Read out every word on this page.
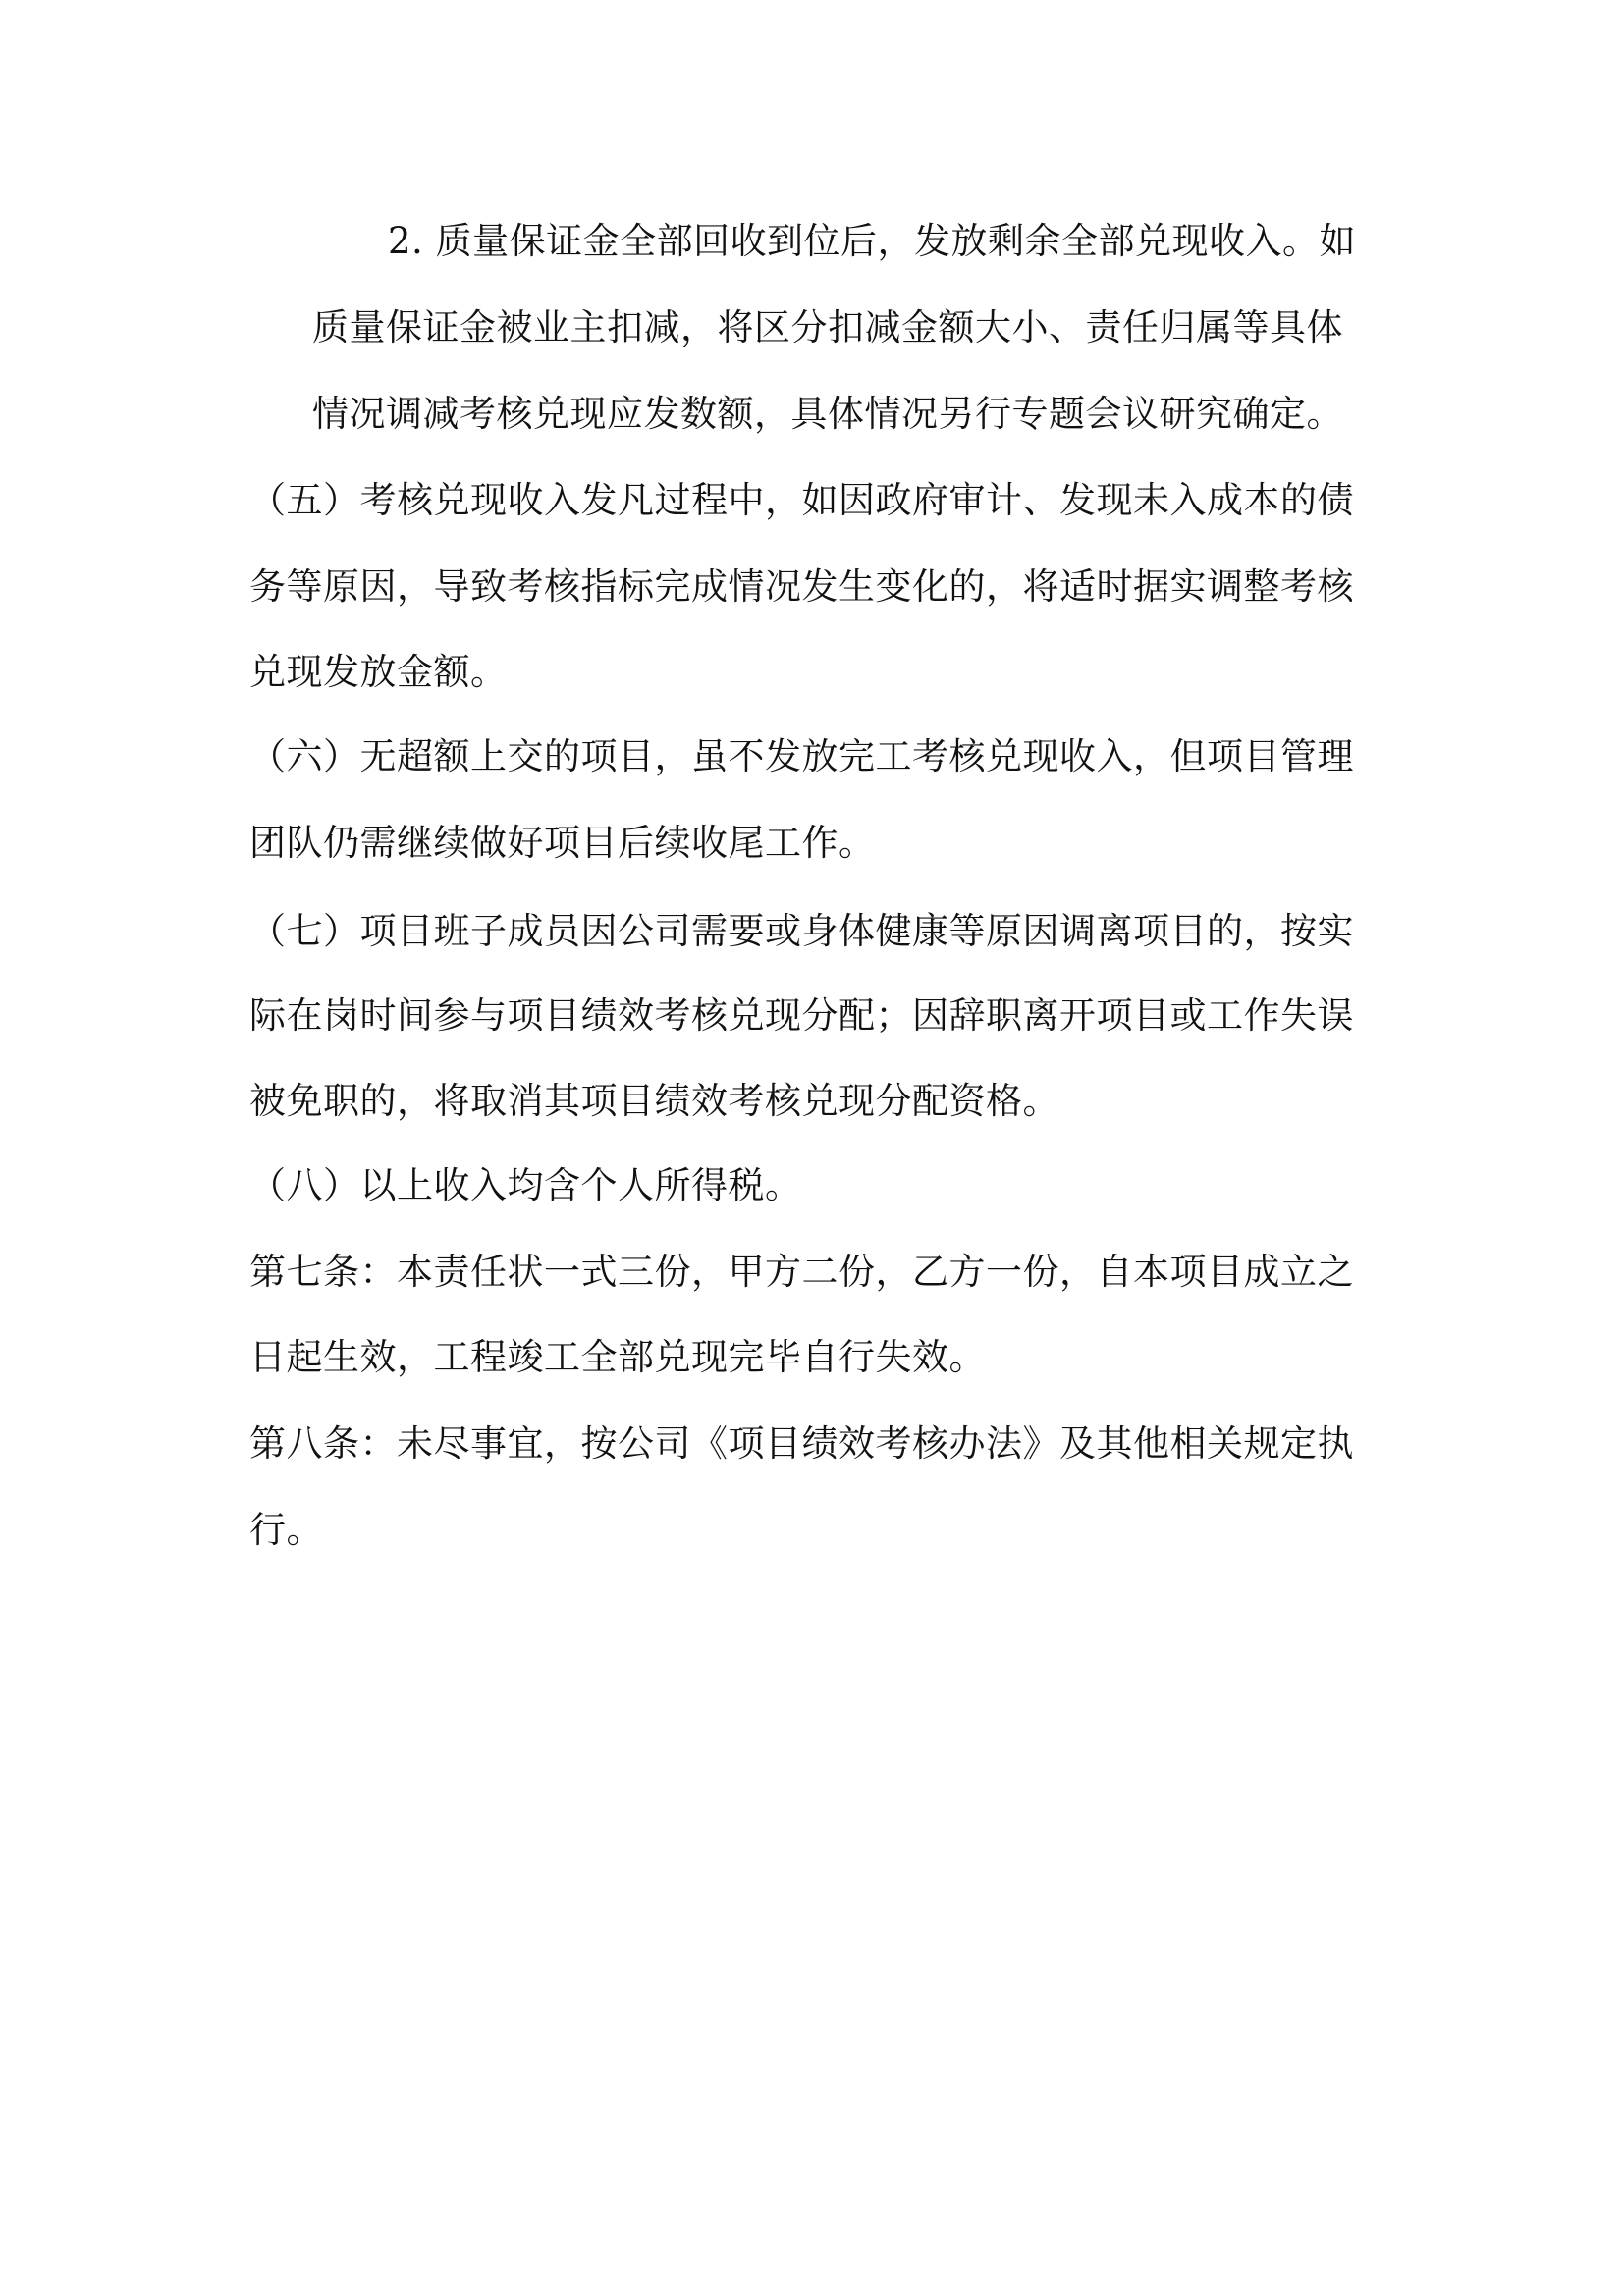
2. 质量保证金全部回收到位后，发放剩余全部兑现收入。如
质量保证金被业主扣减，将区分扣减金额大小、责任归属等具体
情况调减考核兑现应发数额，具体情况另行专题会议研究确定。
（五）考核兑现收入发凡过程中，如因政府审计、发现未入成本的债
务等原因，导致考核指标完成情况发生变化的，将适时据实调整考核
兑现发放金额。
（六）无超额上交的项目，虽不发放完工考核兑现收入，但项目管理
团队仍需继续做好项目后续收尾工作。
（七）项目班子成员因公司需要或身体健康等原因调离项目的，按实
际在岗时间参与项目绩效考核兑现分配；因辞职离开项目或工作失误
被免职的，将取消其项目绩效考核兑现分配资格。
（八）以上收入均含个人所得税。
第七条：本责任状一式三份，甲方二份，乙方一份，自本项目成立之
日起生效，工程竣工全部兑现完毕自行失效。
第八条：未尽事宜，按公司《项目绩效考核办法》及其他相关规定执
行。
